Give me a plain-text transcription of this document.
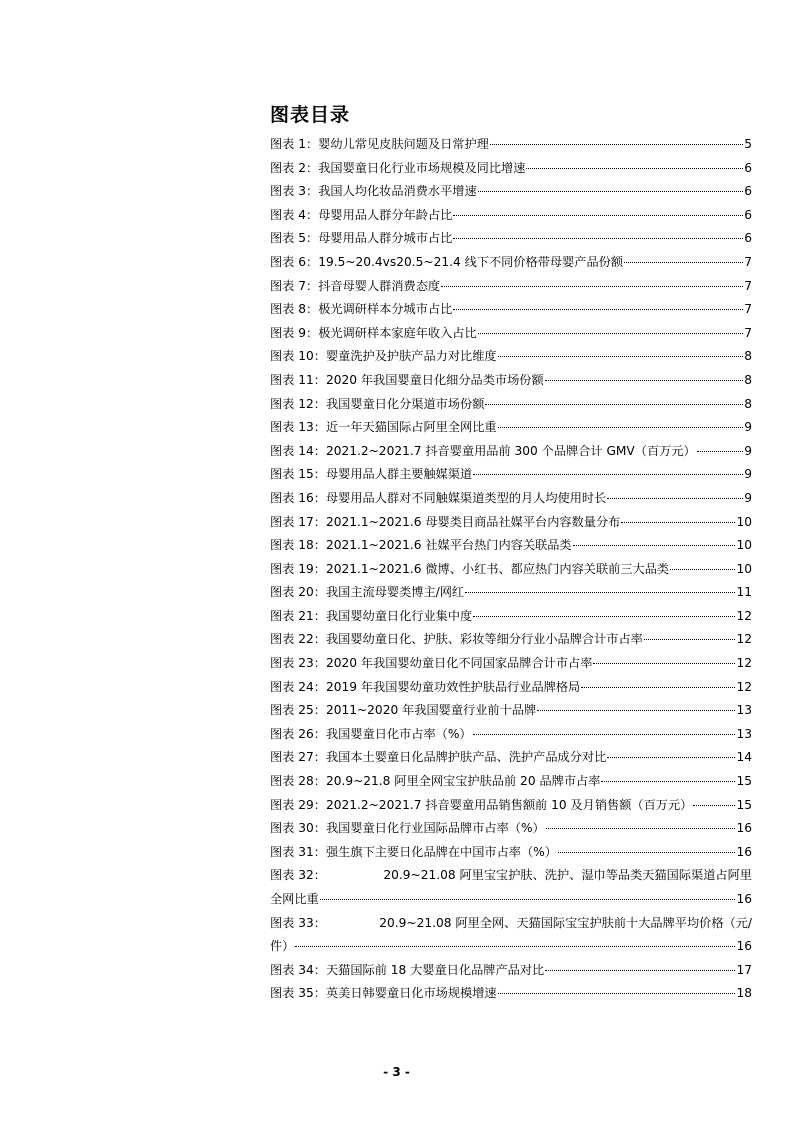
图表目录
图表 1： 婴幼儿常见皮肤问题及日常护理	5
图表 2： 我国婴童日化行业市场规模及同比增速	6
图表 3： 我国人均化妆品消费水平增速	6
图表 4： 母婴用品人群分年龄占比	6
图表 5： 母婴用品人群分城市占比	6
图表 6： 19.5~20.4vs20.5~21.4 线下不同价格带母婴产品份额	7
图表 7： 抖音母婴人群消费态度	7
图表 8： 极光调研样本分城市占比	7
图表 9： 极光调研样本家庭年收入占比	7
图表 10： 婴童洗护及护肤产品力对比维度	8
图表 11： 2020 年我国婴童日化细分品类市场份额	8
图表 12： 我国婴童日化分渠道市场份额	8
图表 13： 近一年天猫国际占阿里全网比重	9
图表 14： 2021.2~2021.7 抖音婴童用品前 300 个品牌合计 GMV（百万元）	9
图表 15： 母婴用品人群主要触媒渠道	9
图表 16： 母婴用品人群对不同触媒渠道类型的月人均使用时长	9
图表 17： 2021.1~2021.6 母婴类目商品社媒平台内容数量分布	10
图表 18： 2021.1~2021.6 社媒平台热门内容关联品类	10
图表 19： 2021.1~2021.6 微博、小红书、都应热门内容关联前三大品类	10
图表 20： 我国主流母婴类博主/网红	11
图表 21： 我国婴幼童日化行业集中度	12
图表 22： 我国婴幼童日化、护肤、彩妆等细分行业小品牌合计市占率	12
图表 23： 2020 年我国婴幼童日化不同国家品牌合计市占率	12
图表 24： 2019 年我国婴幼童功效性护肤品行业品牌格局	12
图表 25： 2011~2020 年我国婴童行业前十品牌	13
图表 26： 我国婴童日化市占率（%）	13
图表 27： 我国本土婴童日化品牌护肤产品、洗护产品成分对比	14
图表 28： 20.9~21.8 阿里全网宝宝护肤品前 20 品牌市占率	15
图表 29： 2021.2~2021.7 抖音婴童用品销售额前 10 及月销售额（百万元）	15
图表 30： 我国婴童日化行业国际品牌市占率（%）	16
图表 31： 强生旗下主要日化品牌在中国市占率（%）	16
图表 32：	20.9~21.08 阿里宝宝护肤、洗护、湿巾等品类天猫国际渠道占阿里
全网比重	16
图表 33：	20.9~21.08 阿里全网、天猫国际宝宝护肤前十大品牌平均价格（元/
件）	16
图表 34： 天猫国际前 18 大婴童日化品牌产品对比	17
图表 35： 英美日韩婴童日化市场规模增速	18
- 3 -
